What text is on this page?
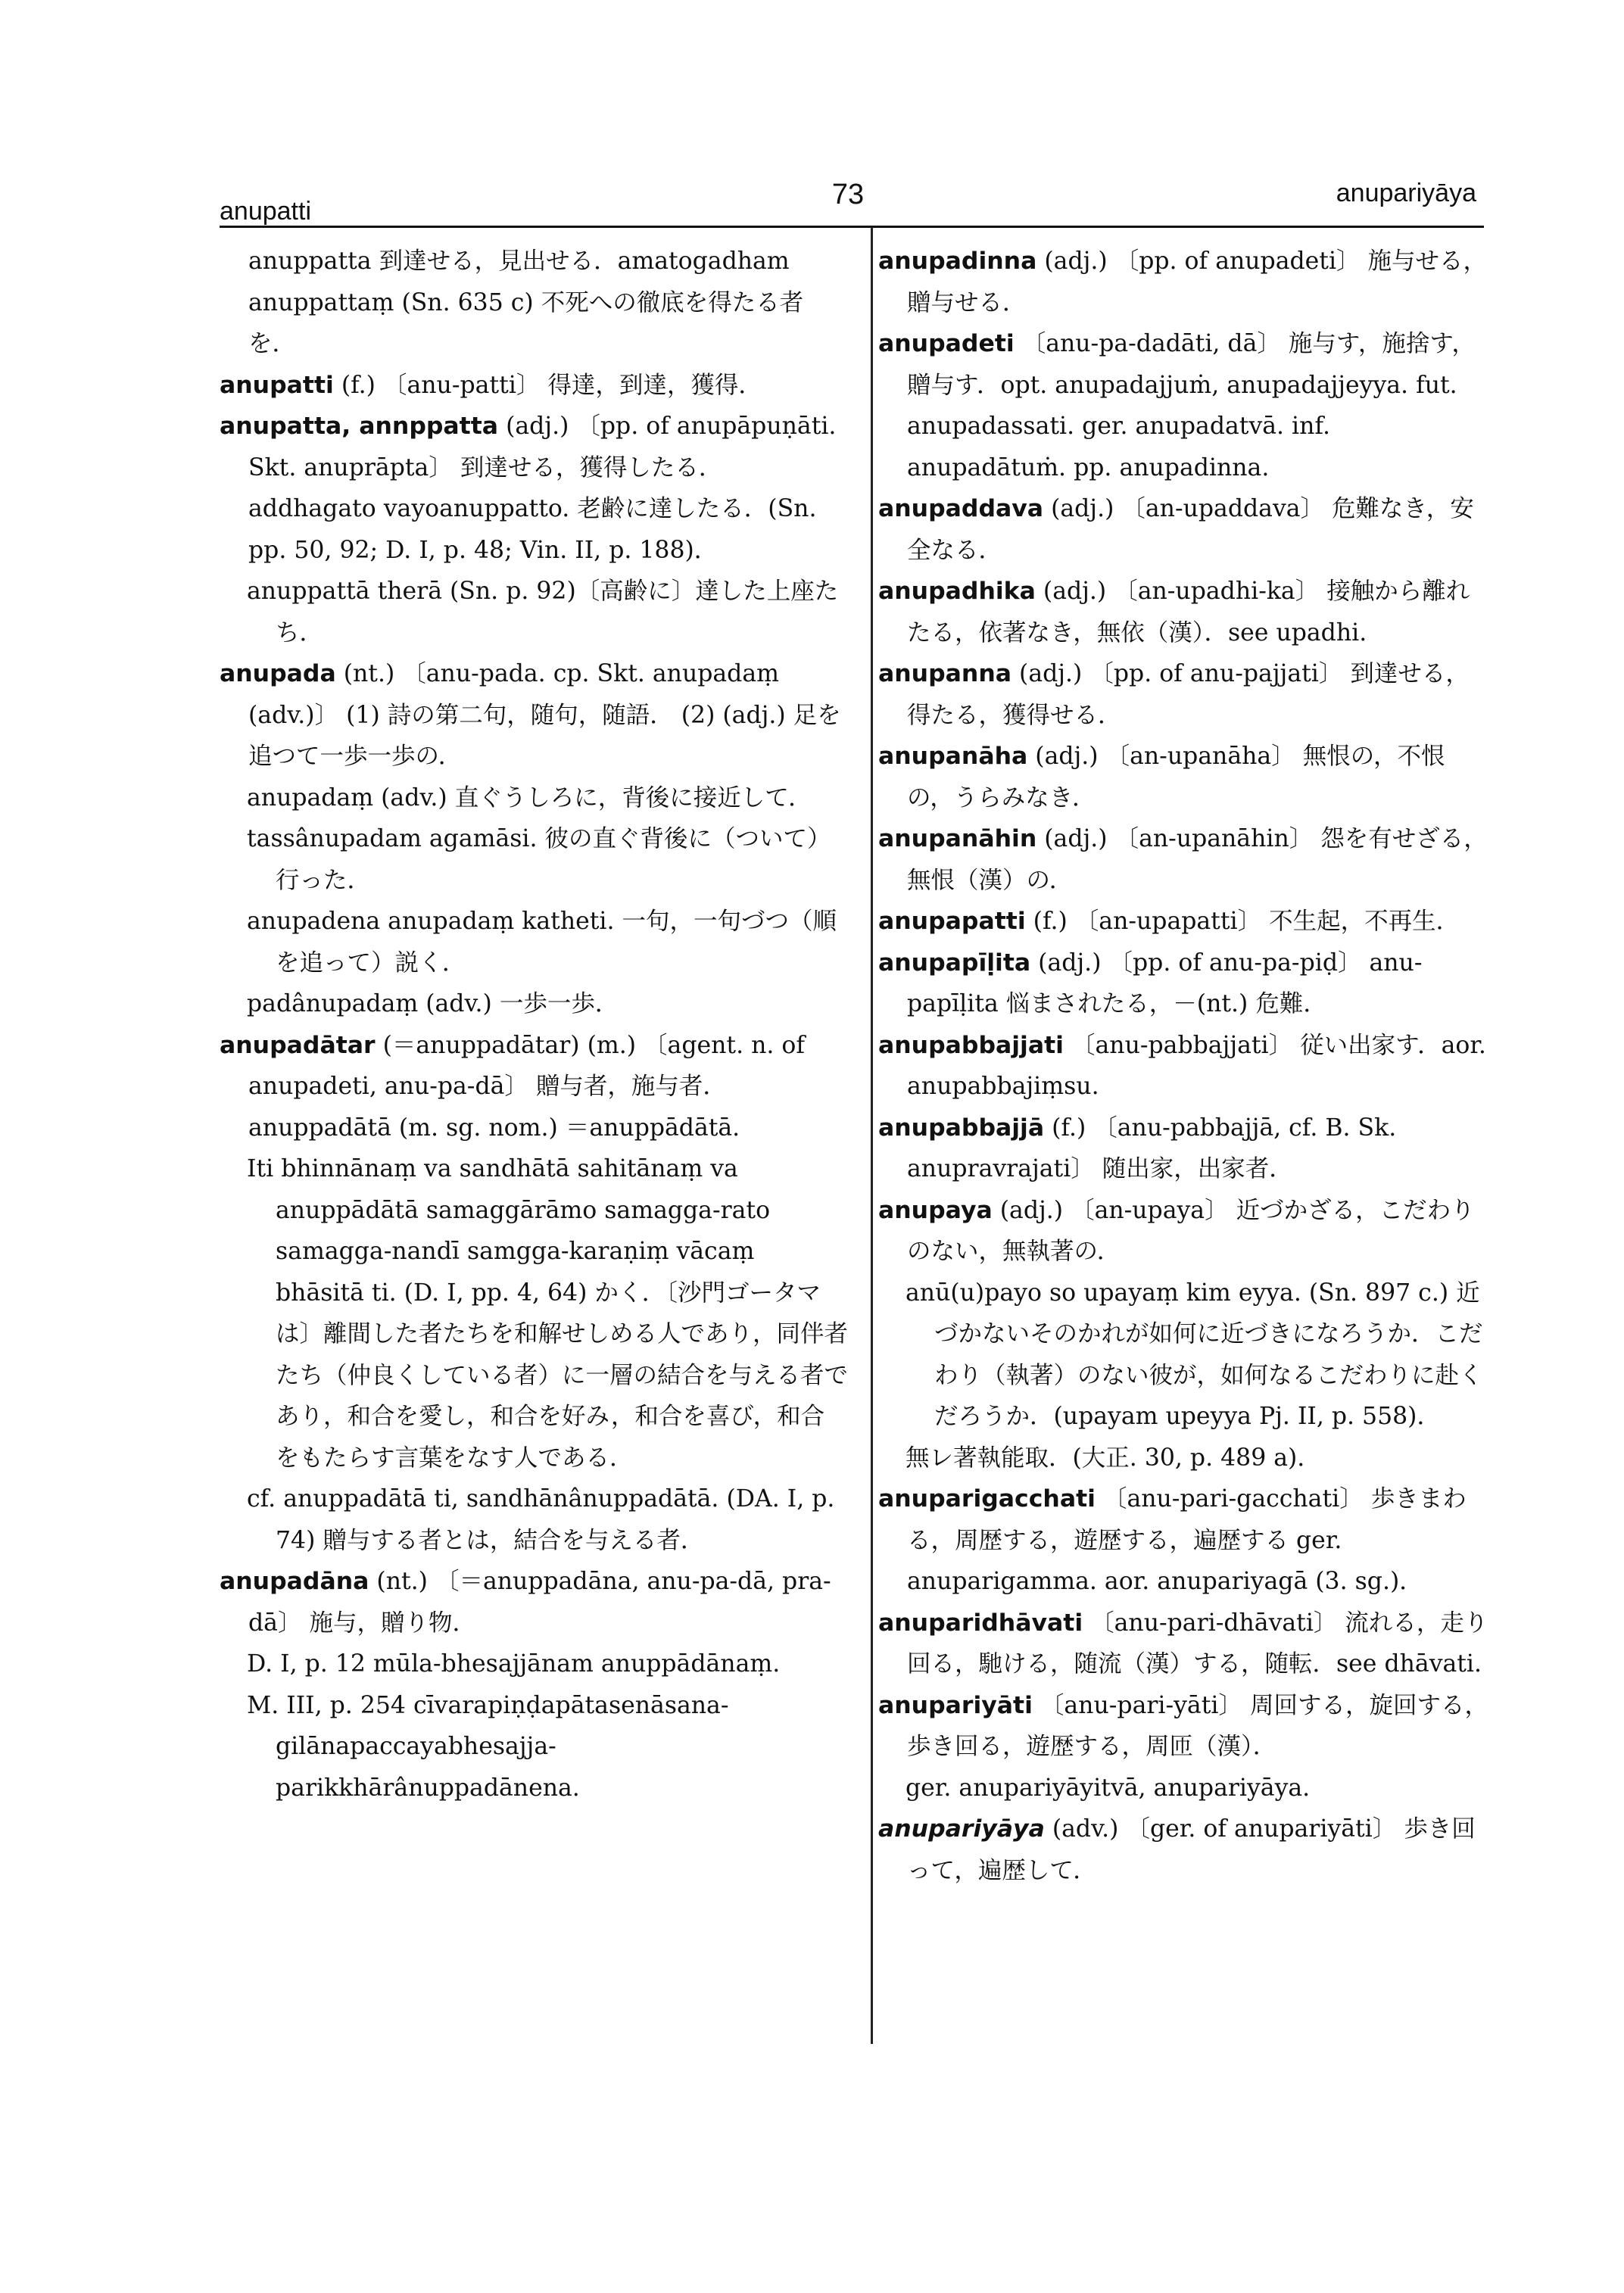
anupatti
73	anupariyāya

anuppatta 到達せる，見出せる．amatogadham anuppattaṃ (Sn. 635 c) 不死への徹底を得たる者を．

anupatti (f.) 〔anu-patti〕 得達，到達，獲得．

anupatta, annppatta (adj.) 〔pp. of anupāpuṇāti. Skt. anuprāpta〕 到達せる，獲得したる．addhagato vayoanuppatto. 老齢に達したる．(Sn. pp. 50, 92; D. I, p. 48; Vin. II, p. 188)．

anuppattā therā (Sn. p. 92)〔高齢に〕達した上座たち．

anupada (nt.) 〔anu-pada. cp. Skt. anupadaṃ (adv.)〕 (1) 詩の第二句，随句，随語． (2) (adj.) 足を追つて一歩一歩の．

anupadaṃ (adv.) 直ぐうしろに，背後に接近して．

tassânupadam agamāsi. 彼の直ぐ背後に（ついて）行った．

anupadena anupadaṃ katheti. 一句，一句づつ（順を追って）説く．

padânupadaṃ (adv.) 一歩一歩．

anupadātar (＝anuppadātar) (m.) 〔agent. n. of anupadeti, anu-pa-dā〕 贈与者，施与者．anuppadātā (m. sg. nom.) ＝anuppādātā.

Iti bhinnānaṃ va sandhātā sahitānaṃ va anuppādātā samaggārāmo samagga-rato samagga-nandī samgga-karaṇiṃ vācaṃ bhāsitā ti. (D. I, pp. 4, 64) かく．〔沙門ゴータマは〕離間した者たちを和解せしめる人であり，同伴者たち（仲良くしている者）に一層の結合を与える者であり，和合を愛し，和合を好み，和合を喜び，和合をもたらす言葉をなす人である．

cf. anuppadātā ti, sandhānânuppadātā. (DA. I, p. 74) 贈与する者とは，結合を与える者．

anupadāna (nt.) 〔＝anuppadāna, anu-pa-dā, pra-dā〕 施与，贈り物．

D. I, p. 12 mūla-bhesajjānam anuppādānaṃ.

M. III, p. 254 cīvarapiṇḍapātasenāsana-gilānapaccayabhesajja-parikkhārânuppadānena.

anupadinna (adj.) 〔pp. of anupadeti〕 施与せる，贈与せる．

anupadeti 〔anu-pa-dadāti, dā〕 施与す，施捨す，贈与す．opt. anupadajjuṁ, anupadajjeyya. fut. anupadassati. ger. anupadatvā. inf. anupadātuṁ. pp. anupadinna.

anupaddava (adj.) 〔an-upaddava〕 危難なき，安全なる．

anupadhika (adj.) 〔an-upadhi-ka〕 接触から離れたる，依著なき，無依（漢）．see upadhi.

anupanna (adj.) 〔pp. of anu-pajjati〕 到達せる，得たる，獲得せる．

anupanāha (adj.) 〔an-upanāha〕 無恨の，不恨の，うらみなき．

anupanāhin (adj.) 〔an-upanāhin〕 怨を有せざる，無恨（漢）の．

anupapatti (f.) 〔an-upapatti〕 不生起，不再生．

anupapīḷita (adj.) 〔pp. of anu-pa-piḍ〕 anu-papīḷita 悩まされたる，－(nt.) 危難．

anupabbajjati 〔anu-pabbajjati〕 従い出家す．aor. anupabbajiṃsu.

anupabbajjā (f.) 〔anu-pabbajjā, cf. B. Sk. anupravrajati〕 随出家，出家者．

anupaya (adj.) 〔an-upaya〕 近づかざる，こだわりのない，無執著の．

anū(u)payo so upayaṃ kim eyya. (Sn. 897 c.) 近づかないそのかれが如何に近づきになろうか．こだわり（執著）のない彼が，如何なるこだわりに赴くだろうか．(upayam upeyya Pj. II, p. 558)．

無レ著執能取．(大正. 30, p. 489 a)．

anuparigacchati 〔anu-pari-gacchati〕 歩きまわる，周歴する，遊歴する，遍歴する ger. anuparigamma. aor. anupariyagā (3. sg.)．

anuparidhāvati 〔anu-pari-dhāvati〕 流れる，走り回る，馳ける，随流（漢）する，随転．see dhāvati.

anupariyāti 〔anu-pari-yāti〕 周回する，旋回する，歩き回る，遊歴する，周匝（漢）．

ger. anupariyāyitvā, anupariyāya.

anupariyāya (adv.) 〔ger. of anupariyāti〕 歩き回って，遍歴して．
